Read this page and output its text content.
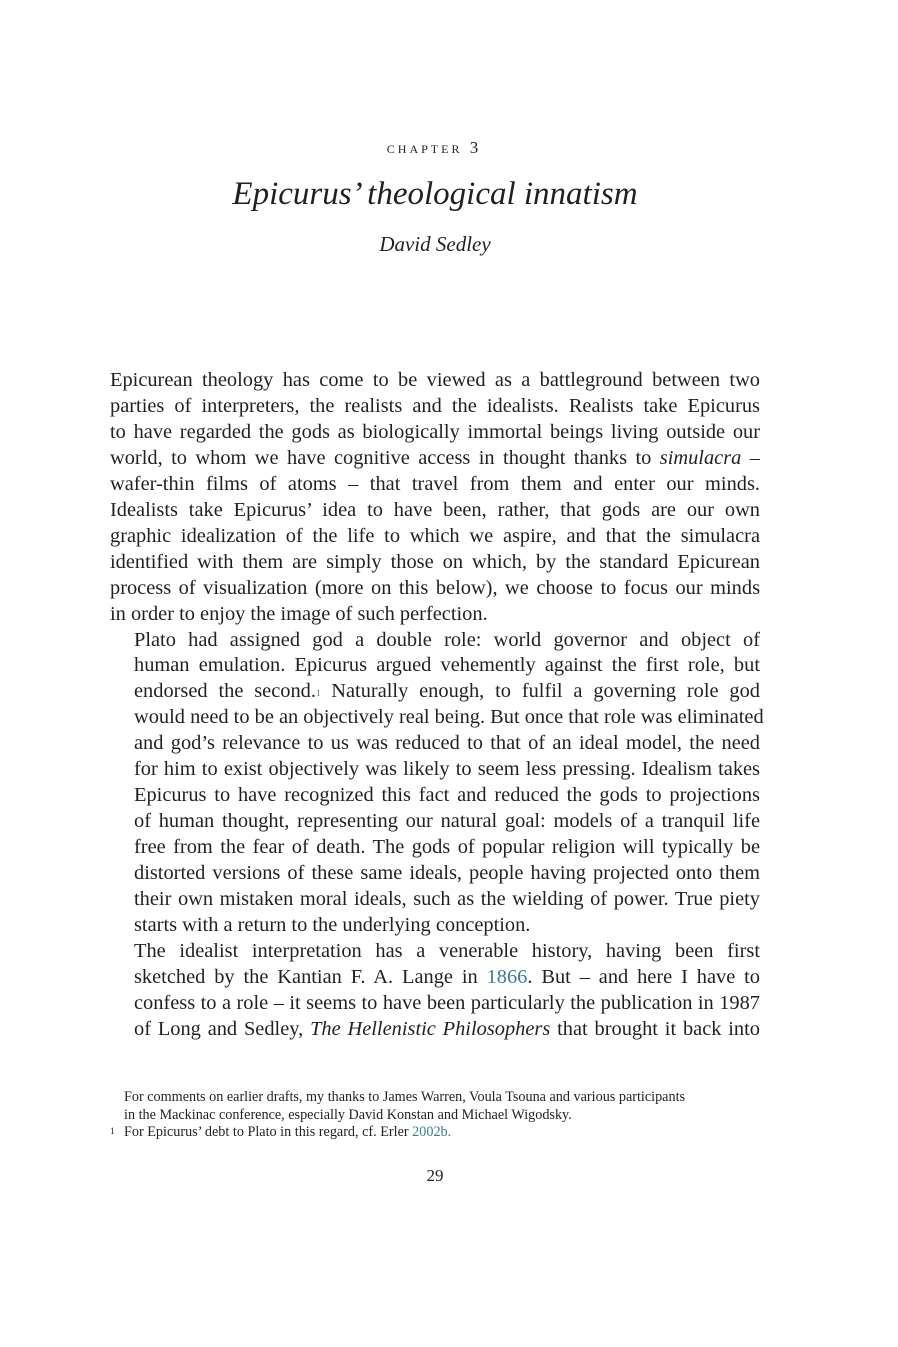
chapter 3
Epicurus’ theological innatism
David Sedley

Epicurean theology has come to be viewed as a battleground between two
parties of interpreters, the realists and the idealists. Realists take Epicurus
to have regarded the gods as biologically immortal beings living outside our
world, to whom we have cognitive access in thought thanks to simulacra –
wafer-thin films of atoms – that travel from them and enter our minds.
Idealists take Epicurus’ idea to have been, rather, that gods are our own
graphic idealization of the life to which we aspire, and that the simulacra
identified with them are simply those on which, by the standard Epicurean
process of visualization (more on this below), we choose to focus our minds
in order to enjoy the image of such perfection.

Plato had assigned god a double role: world governor and object of
human emulation. Epicurus argued vehemently against the first role, but
endorsed the second.$^1$ Naturally enough, to fulfil a governing role god
would need to be an objectively real being. But once that role was eliminated
and god’s relevance to us was reduced to that of an ideal model, the need
for him to exist objectively was likely to seem less pressing. Idealism takes
Epicurus to have recognized this fact and reduced the gods to projections
of human thought, representing our natural goal: models of a tranquil life
free from the fear of death. The gods of popular religion will typically be
distorted versions of these same ideals, people having projected onto them
their own mistaken moral ideals, such as the wielding of power. True piety
starts with a return to the underlying conception.

The idealist interpretation has a venerable history, having been first
sketched by the Kantian F. A. Lange in 1866. But – and here I have to
confess to a role – it seems to have been particularly the publication in 1987
of Long and Sedley, The Hellenistic Philosophers that brought it back into

For comments on earlier drafts, my thanks to James Warren, Voula Tsouna and various participants
in the Mackinac conference, especially David Konstan and Michael Wigodsky.
1 For Epicurus’ debt to Plato in this regard, cf. Erler 2002b.
29
